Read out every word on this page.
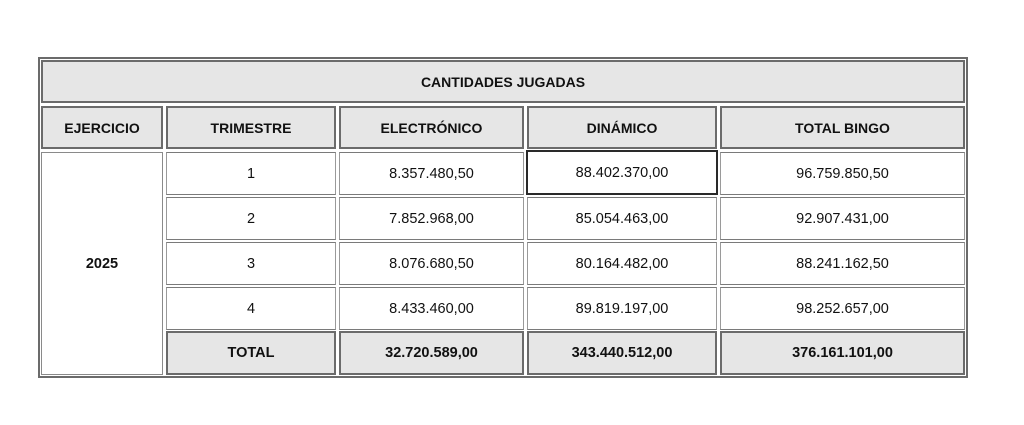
CANTIDADES JUGADAS
EJERCICIO	TRIMESTRE	ELECTRÓNICO	DINÁMICO	TOTAL BINGO
2025
1	8.357.480,50	88.402.370,00	96.759.850,50
2	7.852.968,00	85.054.463,00	92.907.431,00
3	8.076.680,50	80.164.482,00	88.241.162,50
4	8.433.460,00	89.819.197,00	98.252.657,00
TOTAL	32.720.589,00	343.440.512,00	376.161.101,00
